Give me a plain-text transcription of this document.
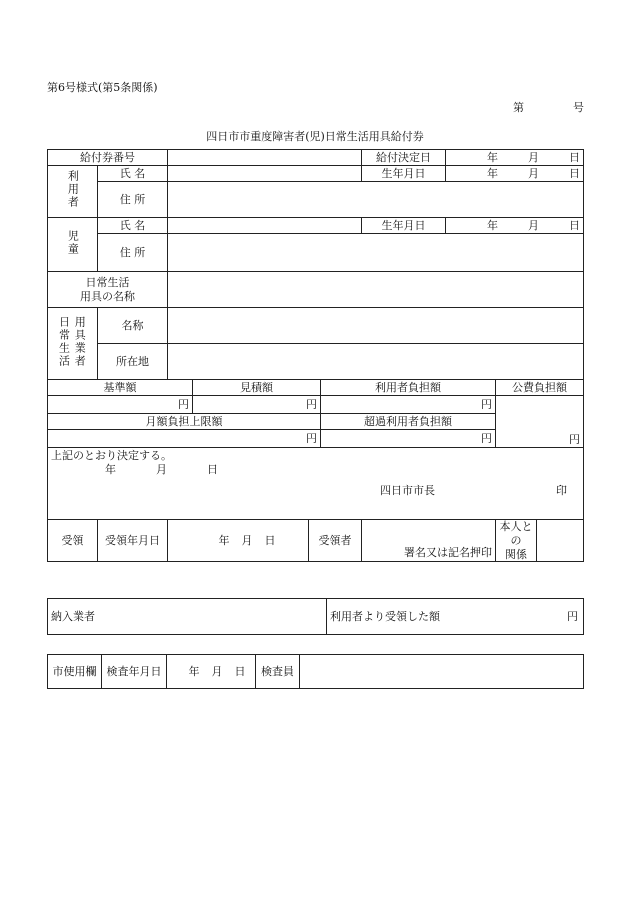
第6号様式(第5条関係)
第	号
四日市市重度障害者(児)日常生活用具給付券
給付券番号						給付決定日	年 月 日		
利用者	氏 名					生年月日	年 月 日		
	住 所								
児童	氏 名					生年月日	年 月 日		
	住 所								

日常生活
用具の名称									

日常生活 用具業者	名称								
	所在地								
基準額			見積額		利用者負担額			公費負担額	
円			円		円			円	
月額負担上限額					超過利用者負担額				
円					円				

上記のとおり決定する。
年 月 日
四日市市長 印									

受領	受領年月日	年 月 日		受領者		署名又は記名押印		本人との
関係	

納入業者	利用者より受領した額	円
市使用欄	検査年月日	年 月 日	検査員	
